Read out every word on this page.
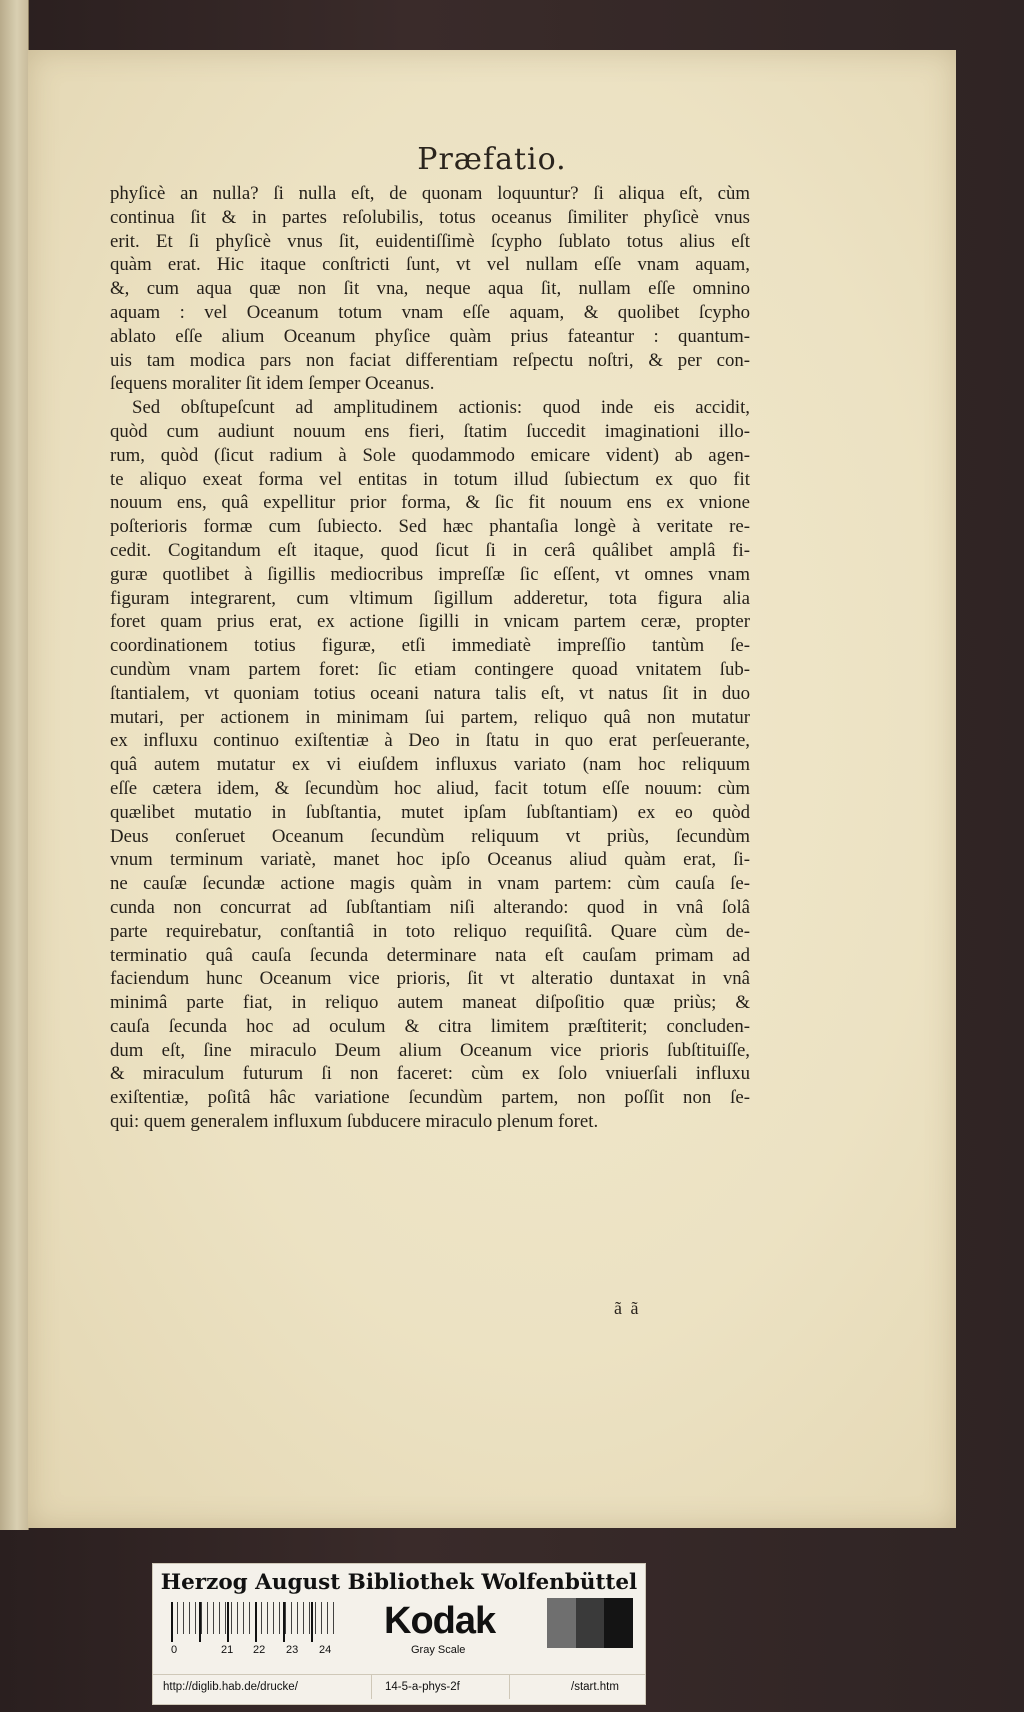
Præfatio.
phyſicè an nulla? ſi nulla eſt, de quonam loquuntur? ſi aliqua eſt, cùm
continua ſit & in partes reſolubilis, totus oceanus ſimiliter phyſicè vnus
erit. Et ſi phyſicè vnus ſit, euidentiſſimè ſcypho ſublato totus alius eſt
quàm erat. Hic itaque conſtricti ſunt, vt vel nullam eſſe vnam aquam,
&, cum aqua quæ non ſit vna, neque aqua ſit, nullam eſſe omnino
aquam : vel Oceanum totum vnam eſſe aquam, & quolibet ſcypho
ablato eſſe alium Oceanum phyſice quàm prius fateantur : quantum-
uis tam modica pars non faciat differentiam reſpectu noſtri, & per con-
ſequens moraliter ſit idem ſemper Oceanus.
Sed obſtupeſcunt ad amplitudinem actionis: quod inde eis accidit,
quòd cum audiunt nouum ens fieri, ſtatim ſuccedit imaginationi illo-
rum, quòd (ſicut radium à Sole quodammodo emicare vident) ab agen-
te aliquo exeat forma vel entitas in totum illud ſubiectum ex quo fit
nouum ens, quâ expellitur prior forma, & ſic fit nouum ens ex vnione
poſterioris formæ cum ſubiecto. Sed hæc phantaſia longè à veritate re-
cedit. Cogitandum eſt itaque, quod ſicut ſi in cerâ quâlibet amplâ fi-
guræ quotlibet à ſigillis mediocribus impreſſæ ſic eſſent, vt omnes vnam
figuram integrarent, cum vltimum ſigillum adderetur, tota figura alia
foret quam prius erat, ex actione ſigilli in vnicam partem ceræ, propter
coordinationem totius figuræ, etſi immediatè impreſſio tantùm ſe-
cundùm vnam partem foret: ſic etiam contingere quoad vnitatem ſub-
ſtantialem, vt quoniam totius oceani natura talis eſt, vt natus ſit in duo
mutari, per actionem in minimam ſui partem, reliquo quâ non mutatur
ex influxu continuo exiſtentiæ à Deo in ſtatu in quo erat perſeuerante,
quâ autem mutatur ex vi eiuſdem influxus variato (nam hoc reliquum
eſſe cætera idem, & ſecundùm hoc aliud, facit totum eſſe nouum: cùm
quælibet mutatio in ſubſtantia, mutet ipſam ſubſtantiam) ex eo quòd
Deus conſeruet Oceanum ſecundùm reliquum vt priùs, ſecundùm
vnum terminum variatè, manet hoc ipſo Oceanus aliud quàm erat, ſi-
ne cauſæ ſecundæ actione magis quàm in vnam partem: cùm cauſa ſe-
cunda non concurrat ad ſubſtantiam niſi alterando: quod in vnâ ſolâ
parte requirebatur, conſtantiâ in toto reliquo requiſitâ. Quare cùm de-
terminatio quâ cauſa ſecunda determinare nata eſt cauſam primam ad
faciendum hunc Oceanum vice prioris, ſit vt alteratio duntaxat in vnâ
minimâ parte fiat, in reliquo autem maneat diſpoſitio quæ priùs; &
cauſa ſecunda hoc ad oculum & citra limitem præſtiterit; concluden-
dum eſt, ſine miraculo Deum alium Oceanum vice prioris ſubſtituiſſe,
& miraculum futurum ſi non faceret: cùm ex ſolo vniuerſali influxu
exiſtentiæ, poſitâ hâc variatione ſecundùm partem, non poſſit non ſe-
qui: quem generalem influxum ſubducere miraculo plenum foret.
ã ã
Herzog August Bibliothek Wolfenbüttel
0	21 22 23 24
Kodak
Gray Scale
http://diglib.hab.de/drucke/	14-5-a-phys-2f	/start.htm
